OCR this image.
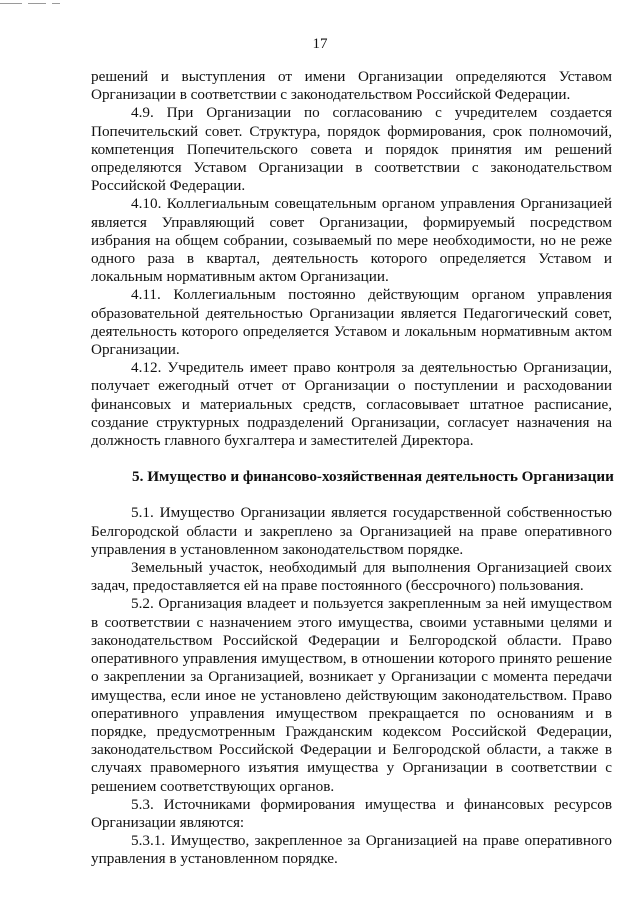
17

решений и выступления от имени Организации определяются Уставом Организации в соответствии с законодательством Российской Федерации.

4.9. При Организации по согласованию с учредителем создается Попечительский совет. Структура, порядок формирования, срок полномочий, компетенция Попечительского совета и порядок принятия им решений определяются Уставом Организации в соответствии с законодательством Российской Федерации.

4.10. Коллегиальным совещательным органом управления Организацией является Управляющий совет Организации, формируемый посредством избрания на общем собрании, созываемый по мере необходимости, но не реже одного раза в квартал, деятельность которого определяется Уставом и локальным нормативным актом Организации.

4.11. Коллегиальным постоянно действующим органом управления образовательной деятельностью Организации является Педагогический совет, деятельность которого определяется Уставом и локальным нормативным актом Организации.

4.12. Учредитель имеет право контроля за деятельностью Организации, получает ежегодный отчет от Организации о поступлении и расходовании финансовых и материальных средств, согласовывает штатное расписание, создание структурных подразделений Организации, согласует назначения на должность главного бухгалтера и заместителей Директора.

5. Имущество и финансово-хозяйственная деятельность Организации

5.1. Имущество Организации является государственной собственностью Белгородской области и закреплено за Организацией на праве оперативного управления в установленном законодательством порядке.

Земельный участок, необходимый для выполнения Организацией своих задач, предоставляется ей на праве постоянного (бессрочного) пользования.

5.2. Организация владеет и пользуется закрепленным за ней имуществом в соответствии с назначением этого имущества, своими уставными целями и законодательством Российской Федерации и Белгородской области. Право оперативного управления имуществом, в отношении которого принято решение о закреплении за Организацией, возникает у Организации с момента передачи имущества, если иное не установлено действующим законодательством. Право оперативного управления имуществом прекращается по основаниям и в порядке, предусмотренным Гражданским кодексом Российской Федерации, законодательством Российской Федерации и Белгородской области, а также в случаях правомерного изъятия имущества у Организации в соответствии с решением соответствующих органов.

5.3. Источниками формирования имущества и финансовых ресурсов Организации являются:

5.3.1. Имущество, закрепленное за Организацией на праве оперативного управления в установленном порядке.
